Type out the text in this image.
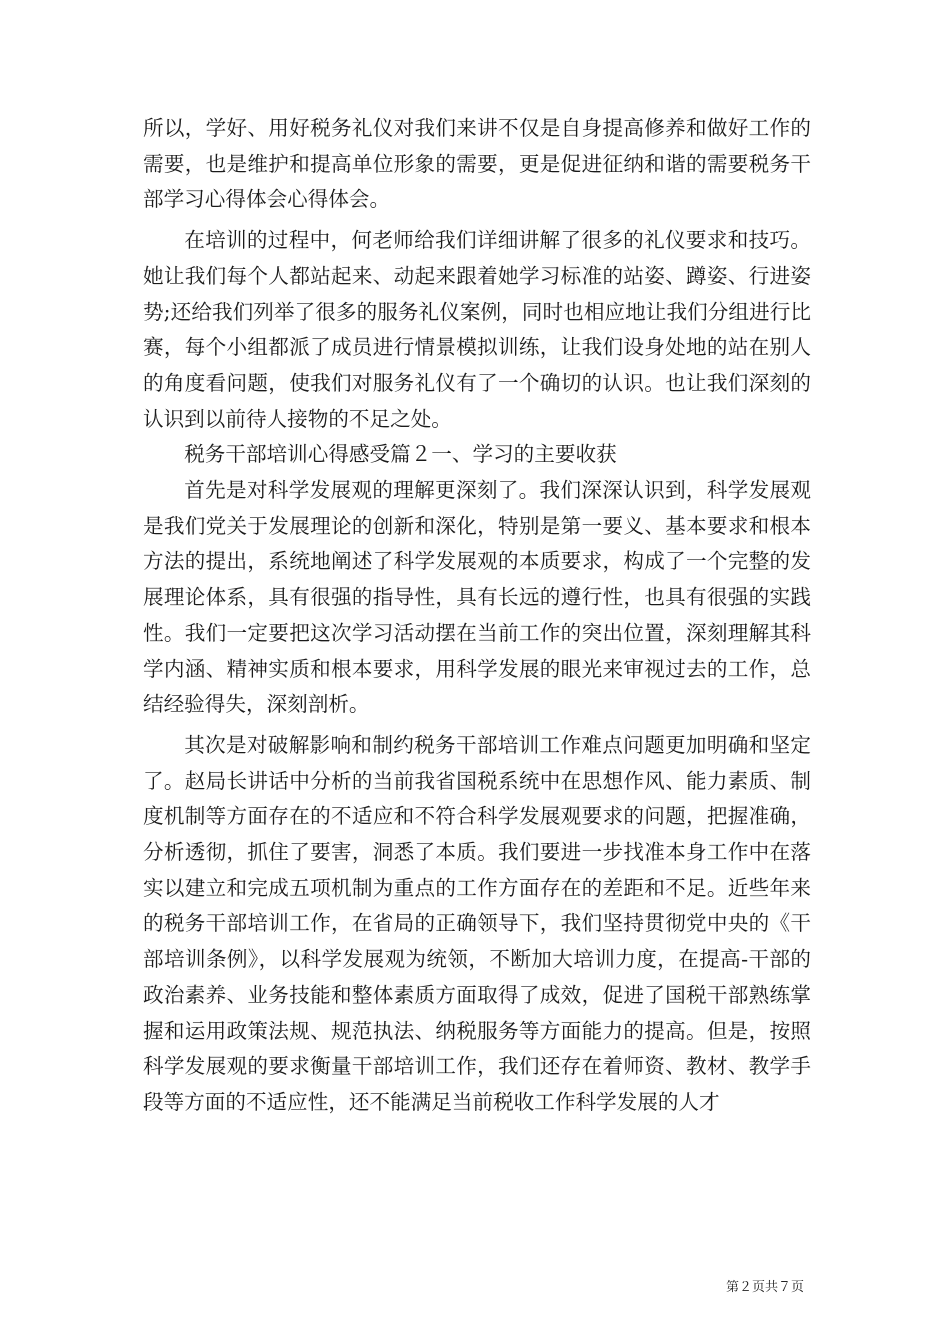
所以，学好、用好税务礼仪对我们来讲不仅是自身提高修养和做好工作的需要，也是维护和提高单位形象的需要，更是促进征纳和谐的需要税务干部学习心得体会心得体会。

在培训的过程中，何老师给我们详细讲解了很多的礼仪要求和技巧。她让我们每个人都站起来、动起来跟着她学习标准的站姿、蹲姿、行进姿势;还给我们列举了很多的服务礼仪案例，同时也相应地让我们分组进行比赛，每个小组都派了成员进行情景模拟训练，让我们设身处地的站在别人的角度看问题，使我们对服务礼仪有了一个确切的认识。也让我们深刻的认识到以前待人接物的不足之处。

税务干部培训心得感受篇２一、学习的主要收获

首先是对科学发展观的理解更深刻了。我们深深认识到，科学发展观是我们党关于发展理论的创新和深化，特别是第一要义、基本要求和根本方法的提出，系统地阐述了科学发展观的本质要求，构成了一个完整的发展理论体系，具有很强的指导性，具有长远的遵行性，也具有很强的实践性。我们一定要把这次学习活动摆在当前工作的突出位置，深刻理解其科学内涵、精神实质和根本要求，用科学发展的眼光来审视过去的工作，总结经验得失，深刻剖析。

其次是对破解影响和制约税务干部培训工作难点问题更加明确和坚定了。赵局长讲话中分析的当前我省国税系统中在思想作风、能力素质、制度机制等方面存在的不适应和不符合科学发展观要求的问题，把握准确，分析透彻，抓住了要害，洞悉了本质。我们要进一步找准本身工作中在落实以建立和完成五项机制为重点的工作方面存在的差距和不足。近些年来的税务干部培训工作，在省局的正确领导下，我们坚持贯彻党中央的《干部培训条例》，以科学发展观为统领，不断加大培训力度，在提高-干部的政治素养、业务技能和整体素质方面取得了成效，促进了国税干部熟练掌握和运用政策法规、规范执法、纳税服务等方面能力的提高。但是，按照科学发展观的要求衡量干部培训工作，我们还存在着师资、教材、教学手段等方面的不适应性，还不能满足当前税收工作科学发展的人才

第２页共７页
